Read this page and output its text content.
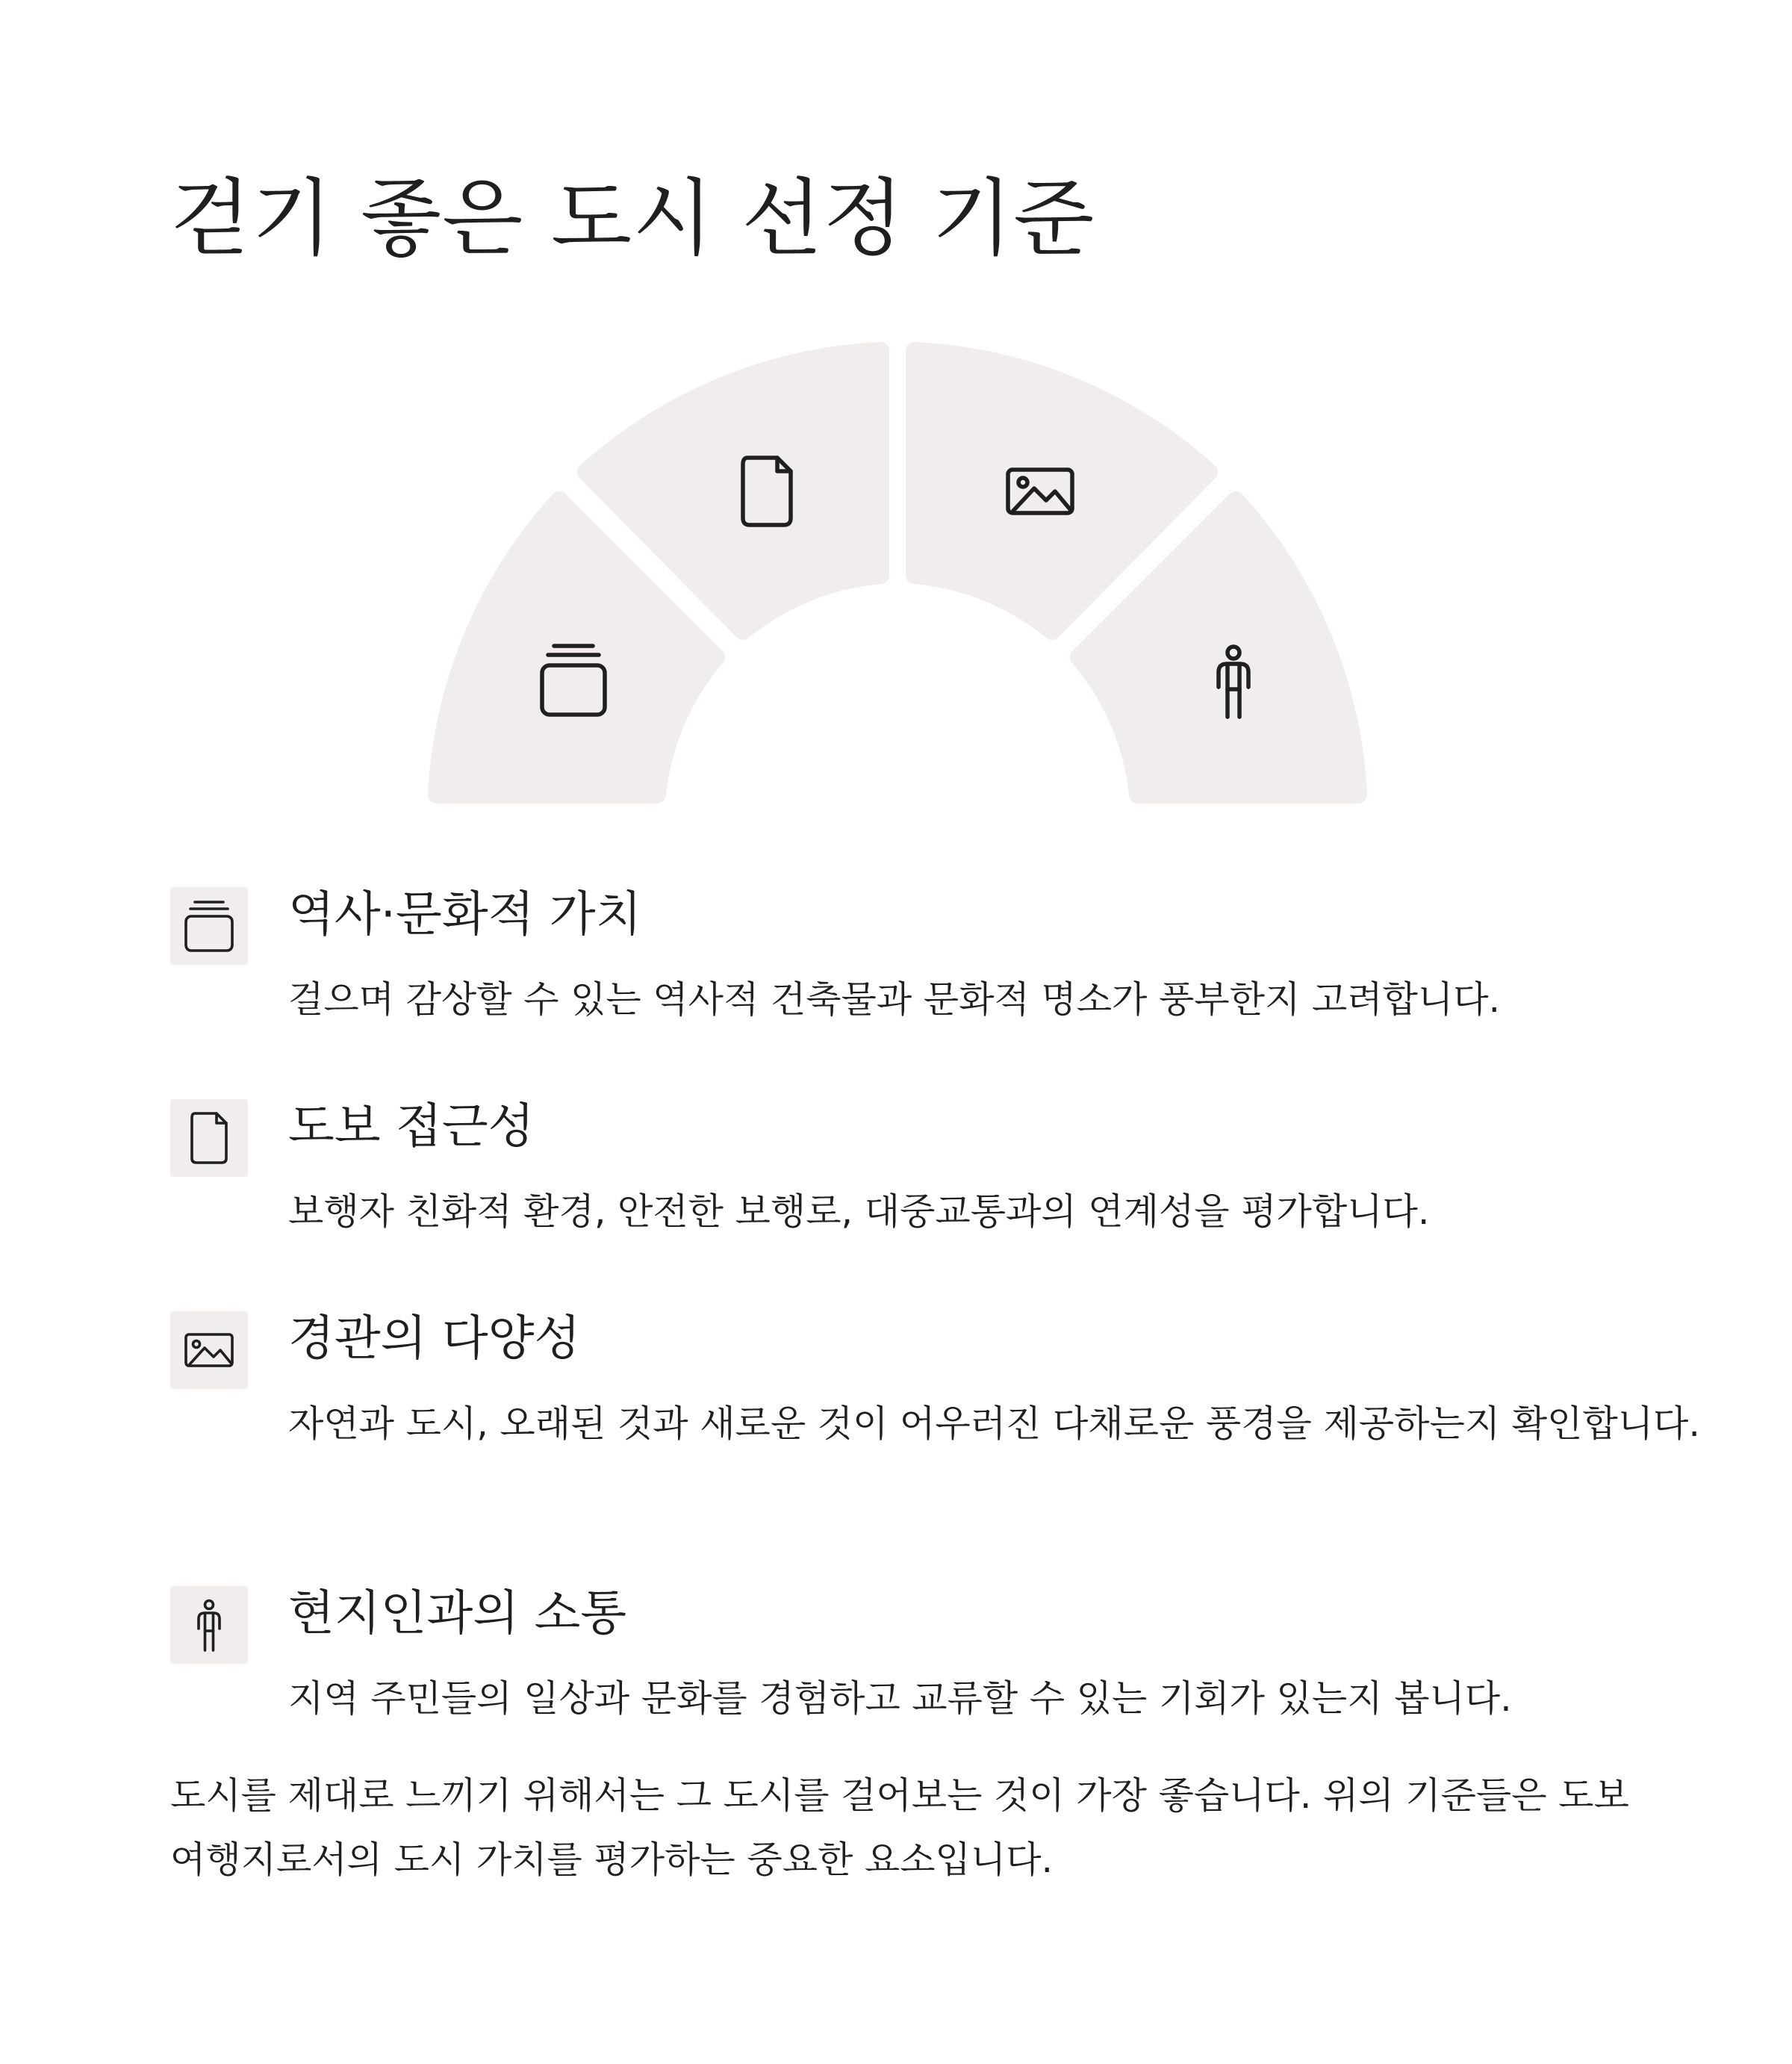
걷기 좋은 도시 선정 기준
역사·문화적 가치

걸으며 감상할 수 있는 역사적 건축물과 문화적 명소가 풍부한지 고려합니다.

도보 접근성

보행자 친화적 환경, 안전한 보행로, 대중교통과의 연계성을 평가합니다.

경관의 다양성

자연과 도시, 오래된 것과 새로운 것이 어우러진 다채로운 풍경을 제공하는지 확인합니다.

현지인과의 소통

지역 주민들의 일상과 문화를 경험하고 교류할 수 있는 기회가 있는지 봅니다.

도시를 제대로 느끼기 위해서는 그 도시를 걸어보는 것이 가장 좋습니다. 위의 기준들은 도보 여행지로서의 도시 가치를 평가하는 중요한 요소입니다.
